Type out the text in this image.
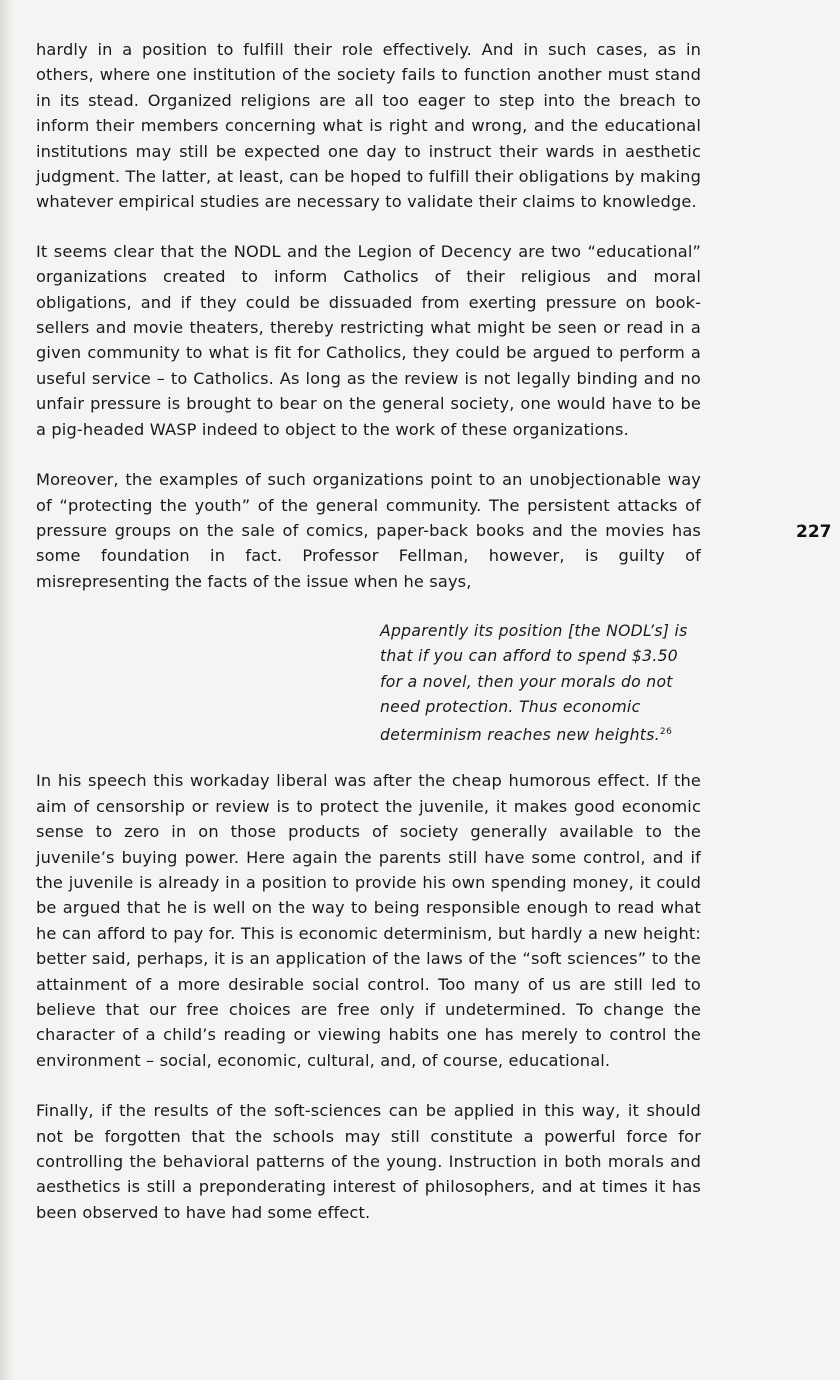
hardly in a position to fulfill their role effectively. And in such cases, as in others, where one institution of the society fails to function another must stand in its stead. Organized religions are all too eager to step into the breach to inform their members concerning what is right and wrong, and the educational institutions may still be expected one day to instruct their wards in aesthetic judgment. The latter, at least, can be hoped to fulfill their obligations by making whatever empirical studies are necessary to validate their claims to knowledge.

It seems clear that the NODL and the Legion of Decency are two “educational” organizations created to inform Catholics of their religious and moral obligations, and if they could be dissuaded from exerting pressure on booksellers and movie theaters, thereby restricting what might be seen or read in a given community to what is fit for Catholics, they could be argued to perform a useful service – to Catholics. As long as the review is not legally binding and no unfair pressure is brought to bear on the general society, one would have to be a pig-headed WASP indeed to object to the work of these organizations.

Moreover, the examples of such organizations point to an unobjectionable way of “protecting the youth” of the general community. The persistent attacks of pressure groups on the sale of comics, paper-back books and the movies has some foundation in fact. Professor Fellman, however, is guilty of misrepresenting the facts of the issue when he says,

Apparently its position [the NODL’s] is that if you can afford to spend $3.50 for a novel, then your morals do not need protection. Thus economic determinism reaches new heights.$^{26}$

In his speech this workaday liberal was after the cheap humorous effect. If the aim of censorship or review is to protect the juvenile, it makes good economic sense to zero in on those products of society generally available to the juvenile’s buying power. Here again the parents still have some control, and if the juvenile is already in a position to provide his own spending money, it could be argued that he is well on the way to being responsible enough to read what he can afford to pay for. This is economic determinism, but hardly a new height: better said, perhaps, it is an application of the laws of the “soft sciences” to the attainment of a more desirable social control. Too many of us are still led to believe that our free choices are free only if undetermined. To change the character of a child’s reading or viewing habits one has merely to control the environment – social, economic, cultural, and, of course, educational.

Finally, if the results of the soft-sciences can be applied in this way, it should not be forgotten that the schools may still constitute a powerful force for controlling the behavioral patterns of the young. Instruction in both morals and aesthetics is still a preponderating interest of philosophers, and at times it has been observed to have had some effect.

227
